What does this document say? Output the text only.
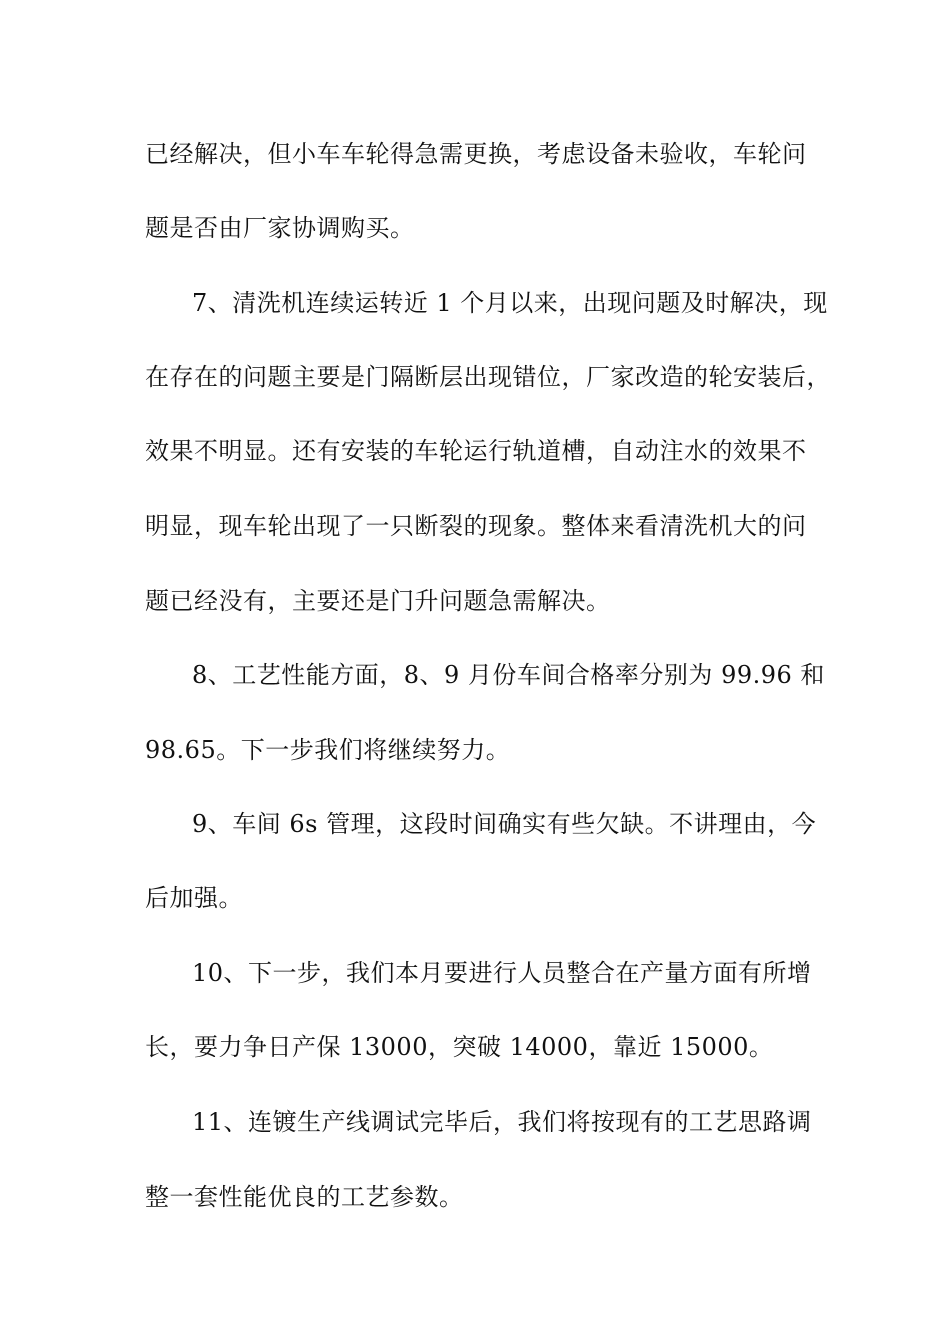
已经解决，但小车车轮得急需更换，考虑设备未验收，车轮问
题是否由厂家协调购买。
7、清洗机连续运转近 1 个月以来，出现问题及时解决，现
在存在的问题主要是门隔断层出现错位，厂家改造的轮安装后，
效果不明显。还有安装的车轮运行轨道槽，自动注水的效果不
明显，现车轮出现了一只断裂的现象。整体来看清洗机大的问
题已经没有，主要还是门升问题急需解决。
8、工艺性能方面，8、9 月份车间合格率分别为 99.96 和
98.65。下一步我们将继续努力。
9、车间 6s 管理，这段时间确实有些欠缺。不讲理由，今
后加强。
10、下一步，我们本月要进行人员整合在产量方面有所增
长，要力争日产保 13000，突破 14000，靠近 15000。
11、连镀生产线调试完毕后，我们将按现有的工艺思路调
整一套性能优良的工艺参数。
